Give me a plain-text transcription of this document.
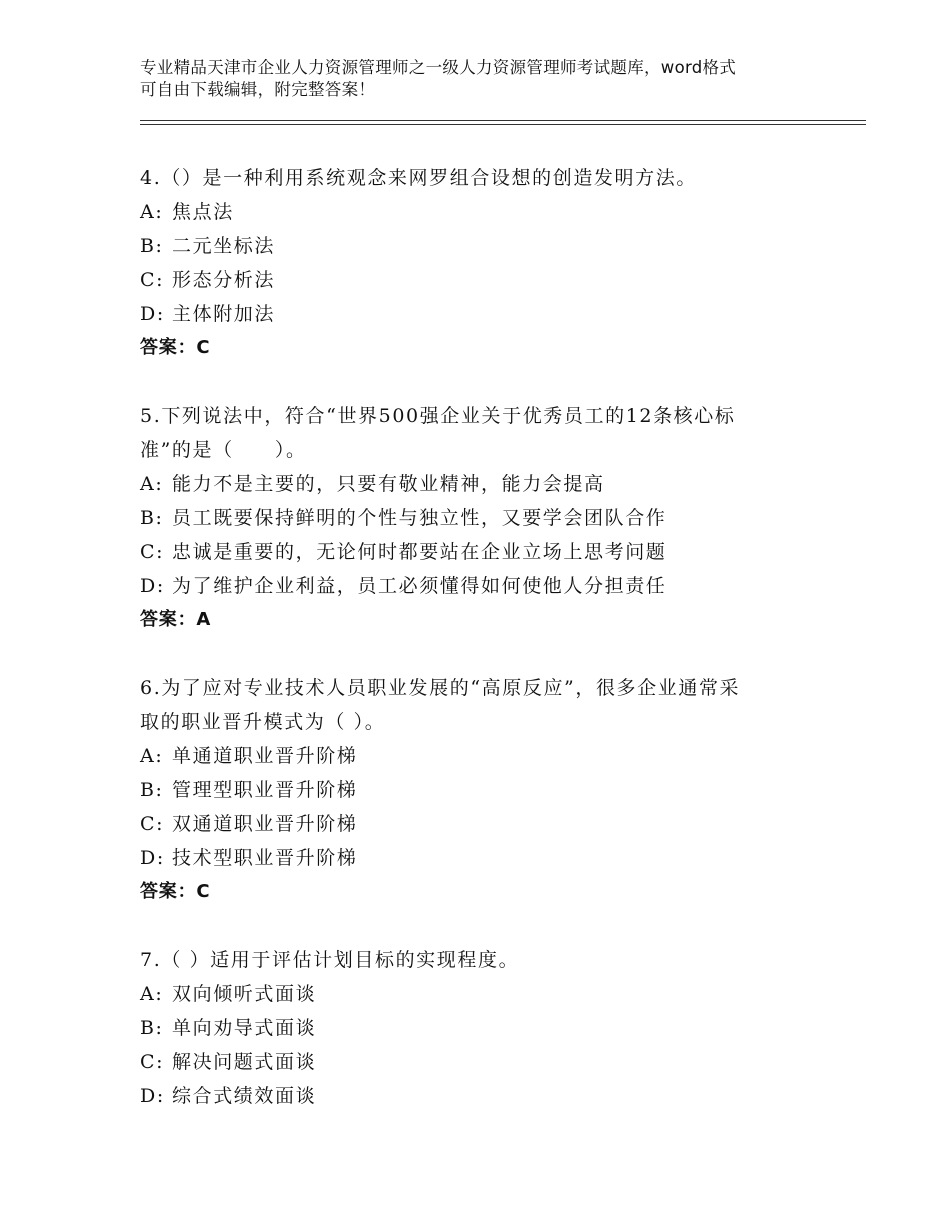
专业精品天津市企业人力资源管理师之一级人力资源管理师考试题库，word格式
可自由下载编辑，附完整答案！

4.（）是一种利用系统观念来网罗组合设想的创造发明方法。

A: 焦点法

B: 二元坐标法

C: 形态分析法

D: 主体附加法

答案：C

5.下列说法中，符合“世界500强企业关于优秀员工的12条核心标

准”的是（　　）。

A: 能力不是主要的，只要有敬业精神，能力会提高

B: 员工既要保持鲜明的个性与独立性，又要学会团队合作

C: 忠诚是重要的，无论何时都要站在企业立场上思考问题

D: 为了维护企业利益，员工必须懂得如何使他人分担责任

答案：A

6.为了应对专业技术人员职业发展的“高原反应”，很多企业通常采

取的职业晋升模式为（ ）。

A: 单通道职业晋升阶梯

B: 管理型职业晋升阶梯

C: 双通道职业晋升阶梯

D: 技术型职业晋升阶梯

答案：C

7.（ ）适用于评估计划目标的实现程度。

A: 双向倾听式面谈

B: 单向劝导式面谈

C: 解决问题式面谈

D: 综合式绩效面谈
